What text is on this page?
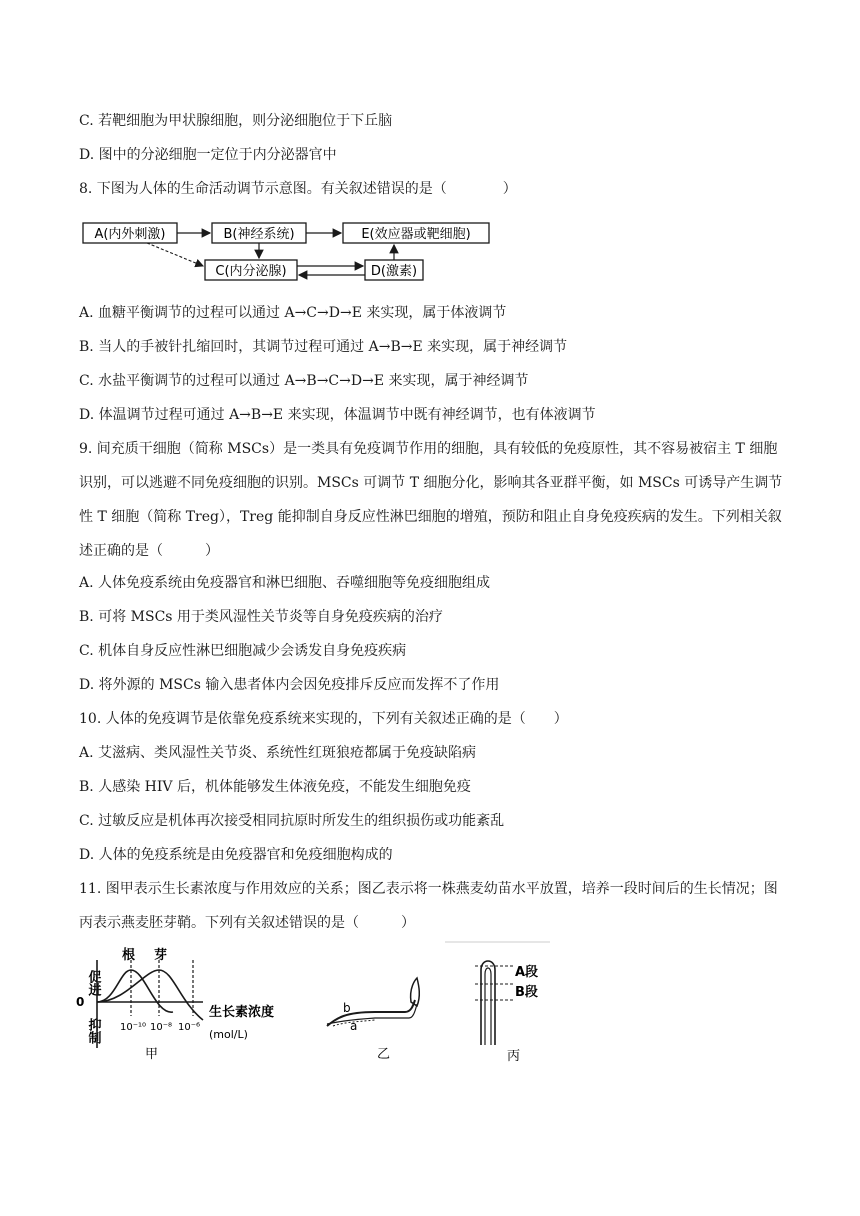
C. 若靶细胞为甲状腺细胞，则分泌细胞位于下丘脑
D. 图中的分泌细胞一定位于内分泌器官中
8. 下图为人体的生命活动调节示意图。有关叙述错误的是（　　　　）
A(内外刺激)	B(神经系统)	E(效应器或靶细胞)
C(内分泌腺)	D(激素)
A. 血糖平衡调节的过程可以通过 A→C→D→E 来实现，属于体液调节
B. 当人的手被针扎缩回时，其调节过程可通过 A→B→E 来实现，属于神经调节
C. 水盐平衡调节的过程可以通过 A→B→C→D→E 来实现，属于神经调节
D. 体温调节过程可通过 A→B→E 来实现，体温调节中既有神经调节，也有体液调节
9. 间充质干细胞（简称 MSCs）是一类具有免疫调节作用的细胞，具有较低的免疫原性，其不容易被宿主 T 细胞识别，可以逃避不同免疫细胞的识别。MSCs 可调节 T 细胞分化，影响其各亚群平衡，如 MSCs 可诱导产生调节性 T 细胞（简称 Treg），Treg 能抑制自身反应性淋巴细胞的增殖，预防和阻止自身免疫疾病的发生。下列相关叙述正确的是（　　　）
A. 人体免疫系统由免疫器官和淋巴细胞、吞噬细胞等免疫细胞组成
B. 可将 MSCs 用于类风湿性关节炎等自身免疫疾病的治疗
C. 机体自身反应性淋巴细胞减少会诱发自身免疫疾病
D. 将外源的 MSCs 输入患者体内会因免疫排斥反应而发挥不了作用
10. 人体的免疫调节是依靠免疫系统来实现的，下列有关叙述正确的是（　　）
A. 艾滋病、类风湿性关节炎、系统性红斑狼疮都属于免疫缺陷病
B. 人感染 HIV 后，机体能够发生体液免疫，不能发生细胞免疫
C. 过敏反应是机体再次接受相同抗原时所发生的组织损伤或功能紊乱
D. 人体的免疫系统是由免疫器官和免疫细胞构成的
11. 图甲表示生长素浓度与作用效应的关系；图乙表示将一株燕麦幼苗水平放置，培养一段时间后的生长情况；图丙表示燕麦胚芽鞘。下列有关叙述错误的是（　　　）
促进
0
抑制
根 芽
生长素浓度
(mol/L)
10⁻¹⁰ 10⁻⁸ 10⁻⁶
甲
b
a
乙
A段
B段
丙
